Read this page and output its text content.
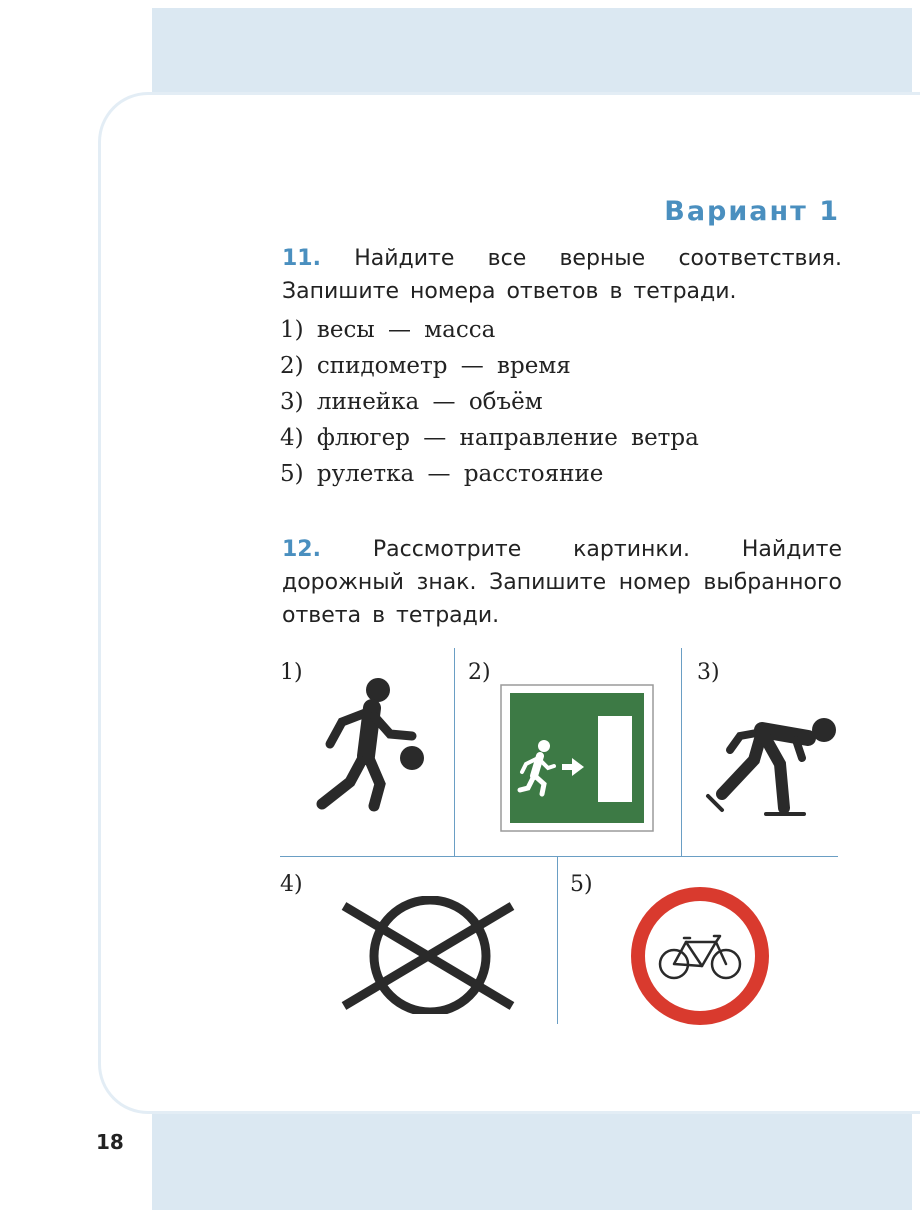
Вариант 1
11. Найдите все верные соответствия. Запишите номера ответов в тетради.
1) весы — масса
2) спидометр — время
3) линейка — объём
4) флюгер — направление ветра
5) рулетка — расстояние
12. Рассмотрите картинки. Найдите дорожный знак. Запишите номер выбранного ответа в тетради.
1)	2)	3)
4)	5)
18
